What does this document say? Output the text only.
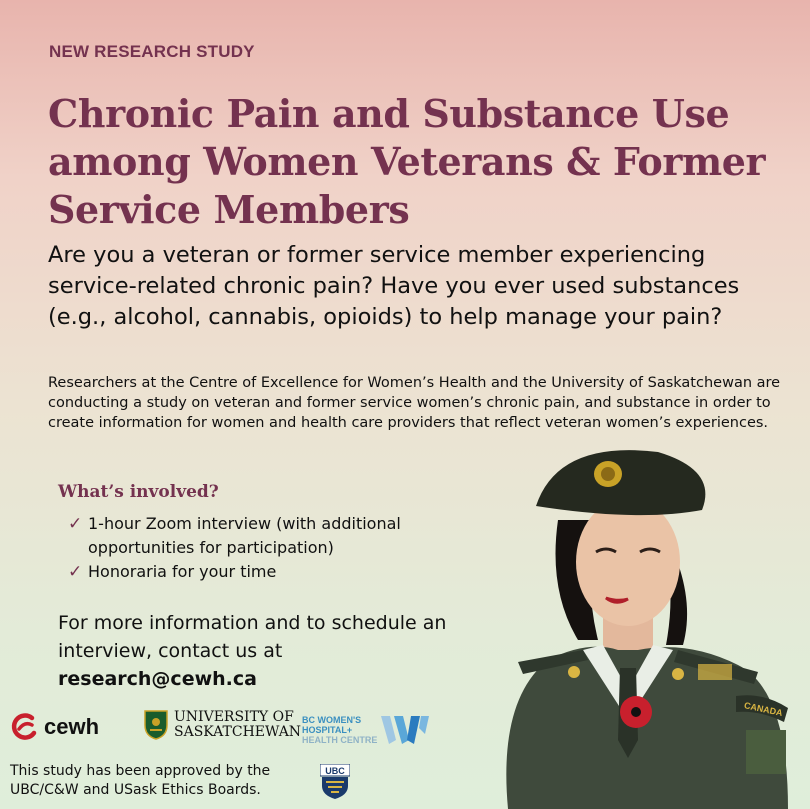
NEW RESEARCH STUDY
Chronic Pain and Substance Use among Women Veterans & Former Service Members

Are you a veteran or former service member experiencing service-related chronic pain? Have you ever used substances (e.g., alcohol, cannabis, opioids) to help manage your pain?

Researchers at the Centre of Excellence for Women’s Health and the University of Saskatchewan are conducting a study on veteran and former service women’s chronic pain, and substance in order to create information for women and health care providers that reflect veteran women’s experiences.

What’s involved?
✓ 1-hour Zoom interview (with additional opportunities for participation)
✓ Honoraria for your time

For more information and to schedule an interview, contact us at research@cewh.ca

cewh	UNIVERSITY OF
SASKATCHEWAN
BC WOMEN'S
HOSPITAL+
HEALTH CENTRE

This study has been approved by the UBC/C&W and USask Ethics Boards.

UBC
CANADA
